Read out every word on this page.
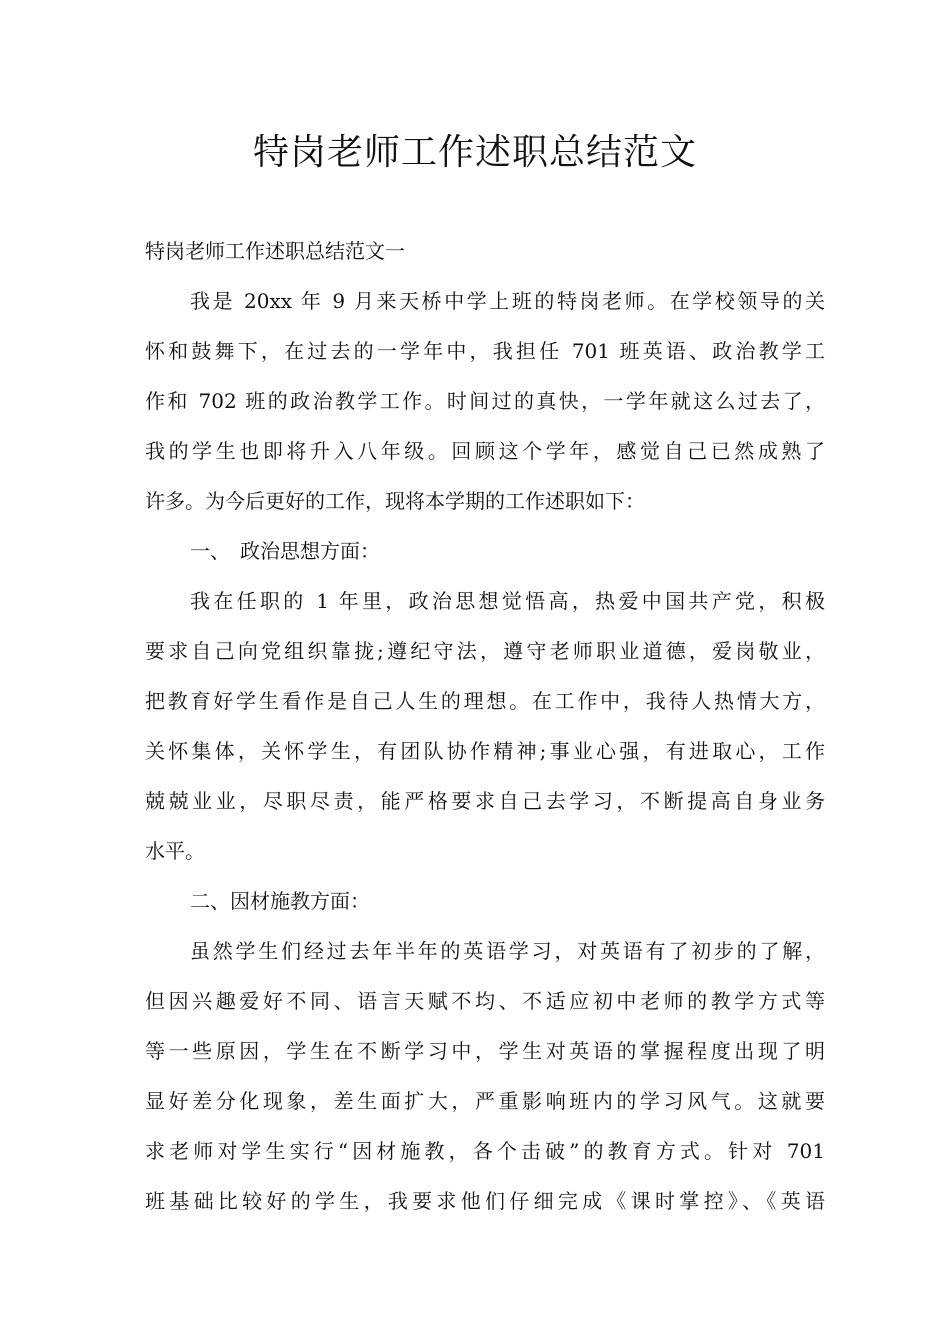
特岗老师工作述职总结范文
特岗老师工作述职总结范文一
我是 20xx 年 9 月来天桥中学上班的特岗老师。在学校领导的关
怀和鼓舞下，在过去的一学年中，我担任 701 班英语、政治教学工
作和 702 班的政治教学工作。时间过的真快，一学年就这么过去了，
我的学生也即将升入八年级。回顾这个学年，感觉自己已然成熟了
许多。为今后更好的工作，现将本学期的工作述职如下：
一、　政治思想方面：
我在任职的 1 年里，政治思想觉悟高，热爱中国共产党，积极
要求自己向党组织靠拢;遵纪守法，遵守老师职业道德，爱岗敬业，
把教育好学生看作是自己人生的理想。在工作中，我待人热情大方，
关怀集体，关怀学生，有团队协作精神;事业心强，有进取心，工作
兢兢业业，尽职尽责，能严格要求自己去学习，不断提高自身业务
水平。
二、因材施教方面：
虽然学生们经过去年半年的英语学习，对英语有了初步的了解，
但因兴趣爱好不同、语言天赋不均、不适应初中老师的教学方式等
等一些原因，学生在不断学习中，学生对英语的掌握程度出现了明
显好差分化现象，差生面扩大，严重影响班内的学习风气。这就要
求老师对学生实行“因材施教，各个击破”的教育方式。针对 701
班基础比较好的学生，我要求他们仔细完成《课时掌控》、《英语
